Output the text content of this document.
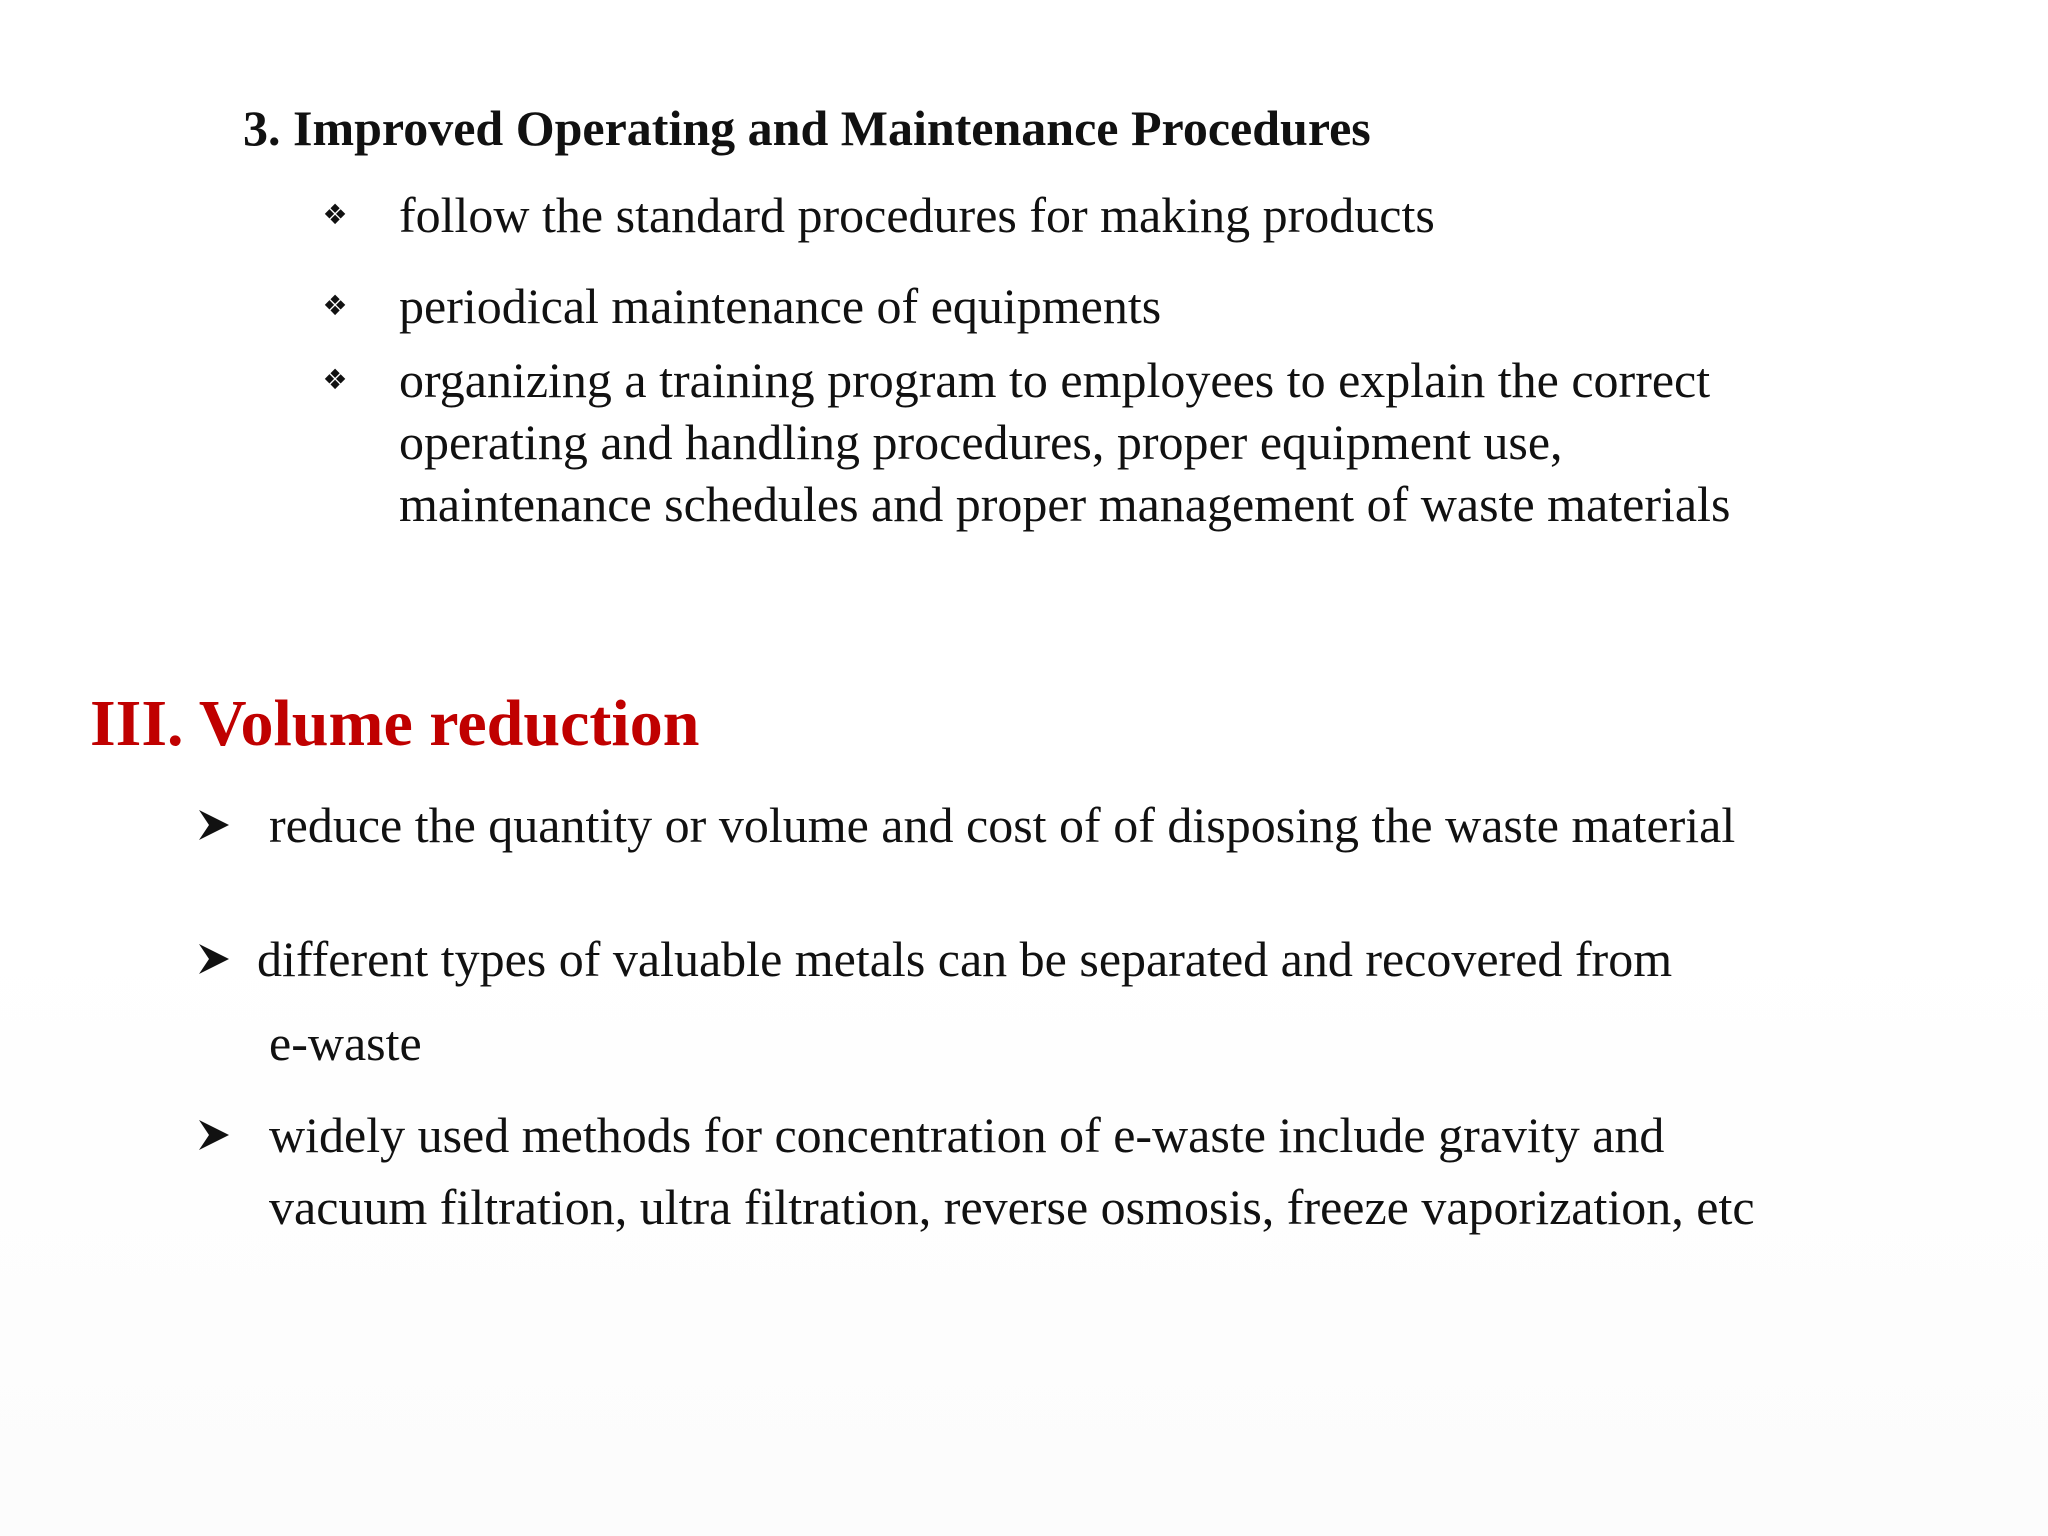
3. Improved Operating and Maintenance Procedures
❖ follow the standard procedures for making products
❖ periodical maintenance of equipments
❖ organizing a training program to employees to explain the correct
operating and handling procedures, proper equipment use,
maintenance schedules and proper management of waste materials
III. Volume reduction
reduce the quantity or volume and cost of of disposing the waste material
different types of valuable metals can be separated and recovered from
e-waste
widely used methods for concentration of e-waste include gravity and
vacuum filtration, ultra filtration, reverse osmosis, freeze vaporization, etc
